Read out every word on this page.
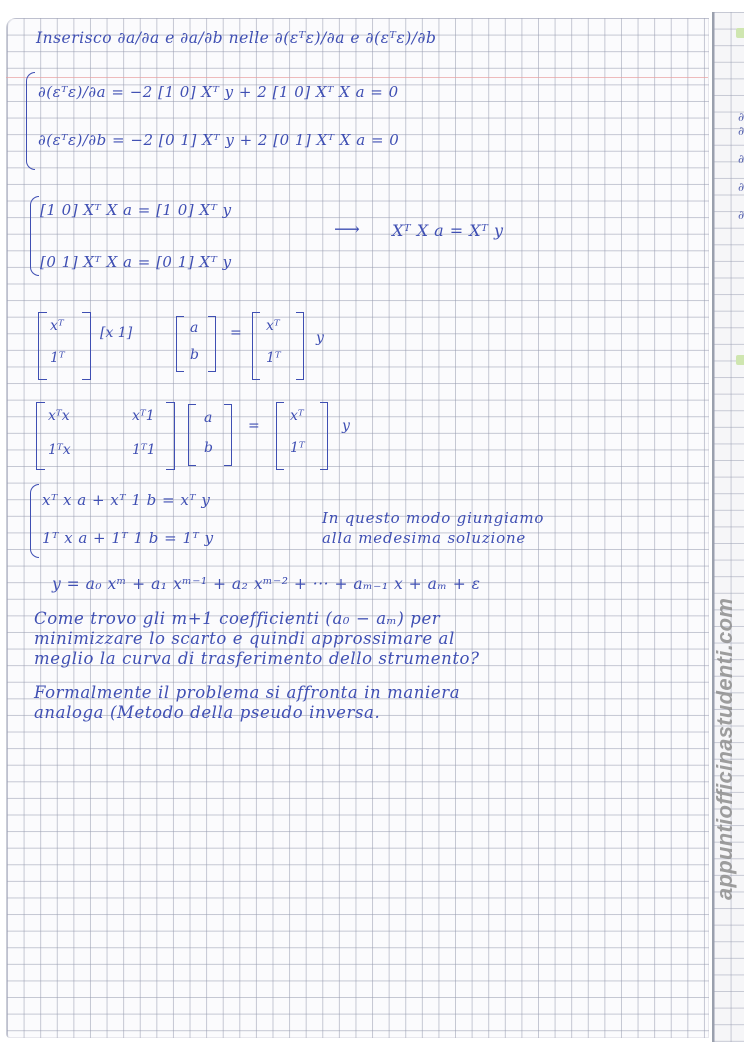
∂
∂

∂

∂

∂

Inserisco ∂a/∂a e ∂a/∂b nelle ∂(εᵀε)/∂a e ∂(εᵀε)/∂b

∂(εᵀε)/∂a = −2 [1 0] Xᵀ y + 2 [1 0] Xᵀ X a = 0

∂(εᵀε)/∂b = −2 [0 1] Xᵀ y + 2 [0 1] Xᵀ X a = 0

[1 0] Xᵀ X a = [1 0] Xᵀ y

[0 1] Xᵀ X a = [0 1] Xᵀ y

⟶ Xᵀ X a = Xᵀ y

xᵀ
1ᵀ
[x 1]	a
b
= xᵀ
1ᵀ
y
xᵀx	xᵀ1
1ᵀx	1ᵀ1
a
b
=
xᵀ
1ᵀ
y

xᵀ x a + xᵀ 1 b = xᵀ y

1ᵀ x a + 1ᵀ 1 b = 1ᵀ y

In questo modo giungiamo

alla medesima soluzione

y = a₀ xᵐ + a₁ xᵐ⁻¹ + a₂ xᵐ⁻² + ··· + aₘ₋₁ x + aₘ + ε

Come trovo gli m+1 coefficienti (a₀ − aₘ) per

minimizzare lo scarto e quindi approssimare al

meglio la curva di trasferimento dello strumento?

Formalmente il problema si affronta in maniera

analoga (Metodo della pseudo inversa.	appuntiofficinastudenti.com
